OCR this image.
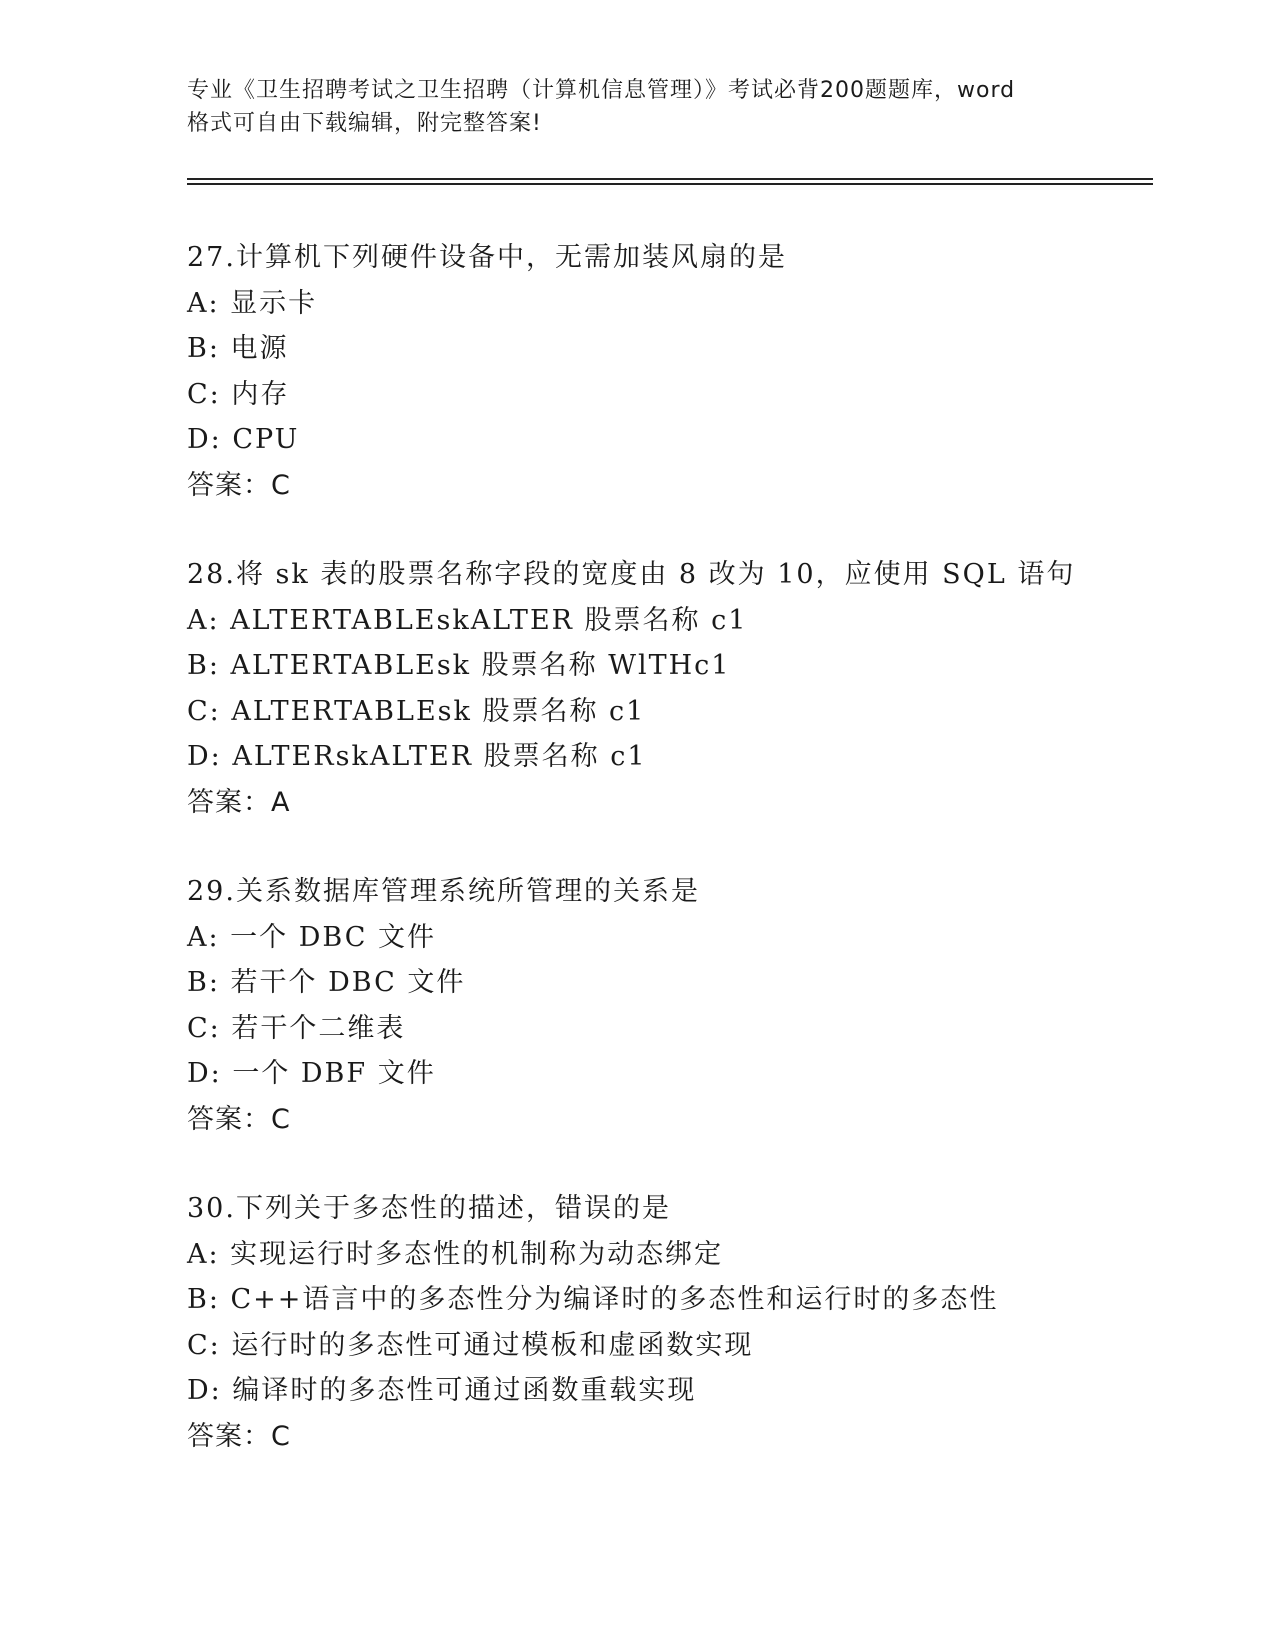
专业《卫生招聘考试之卫生招聘（计算机信息管理）》考试必背200题题库，word
格式可自由下载编辑，附完整答案!
27.计算机下列硬件设备中，无需加装风扇的是
A: 显示卡
B: 电源
C: 内存
D: CPU
答案：C
28.将 sk 表的股票名称字段的宽度由 8 改为 10，应使用 SQL 语句
A: ALTERTABLEskALTER 股票名称 c1
B: ALTERTABLEsk 股票名称 WlTHc1
C: ALTERTABLEsk 股票名称 c1
D: ALTERskALTER 股票名称 c1
答案：A
29.关系数据库管理系统所管理的关系是
A: 一个 DBC 文件
B: 若干个 DBC 文件
C: 若干个二维表
D: 一个 DBF 文件
答案：C
30.下列关于多态性的描述，错误的是
A: 实现运行时多态性的机制称为动态绑定
B: C++语言中的多态性分为编译时的多态性和运行时的多态性
C: 运行时的多态性可通过模板和虚函数实现
D: 编译时的多态性可通过函数重载实现
答案：C
